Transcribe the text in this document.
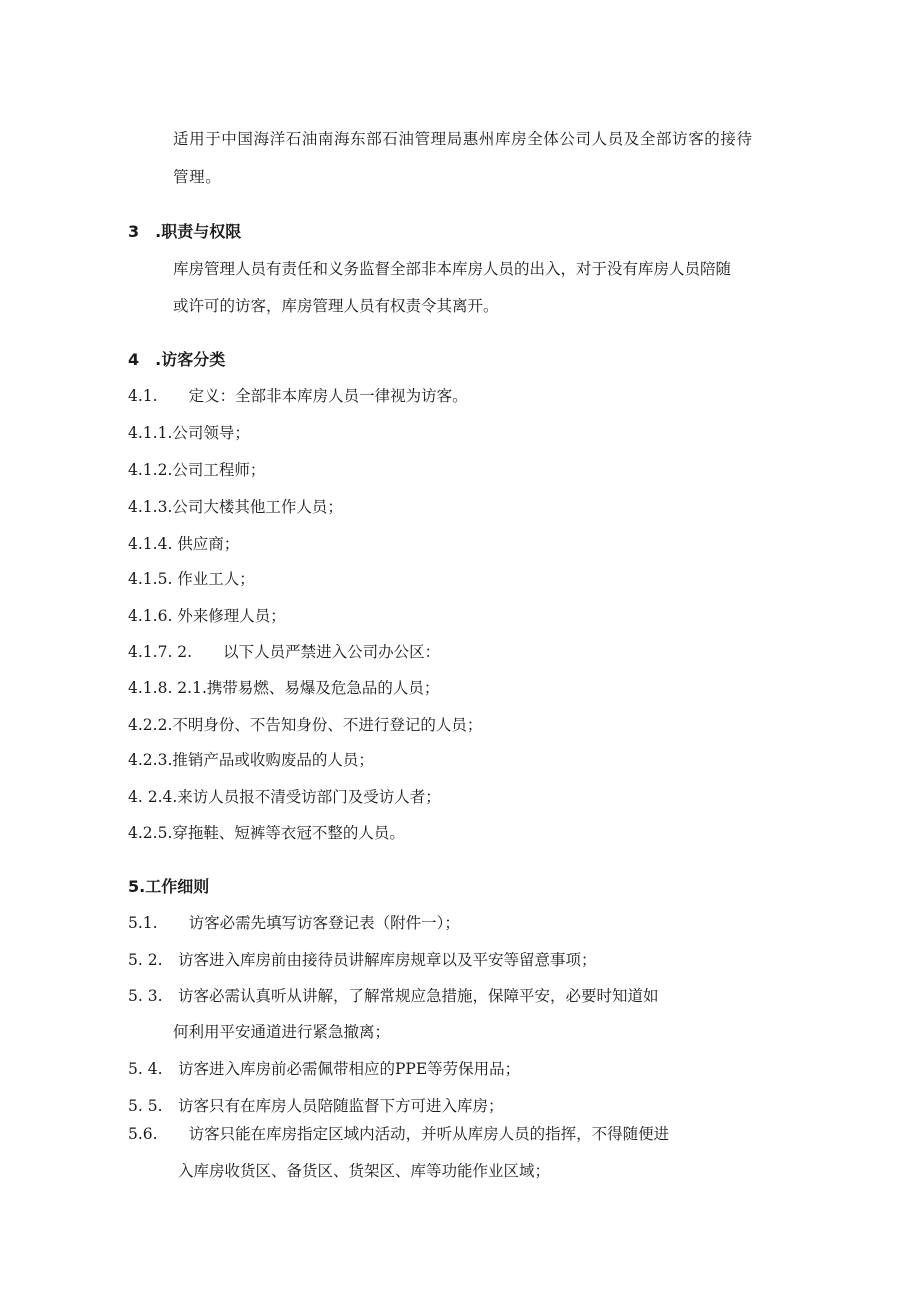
适用于中国海洋石油南海东部石油管理局惠州库房全体公司人员及全部访客的接待
管理。
3　.职责与权限
库房管理人员有责任和义务监督全部非本库房人员的出入，对于没有库房人员陪随
或许可的访客，库房管理人员有权责令其离开。
4　.访客分类
4.1.　　定义：全部非本库房人员一律视为访客。
4.1.1.公司领导；
4.1.2.公司工程师；
4.1.3.公司大楼其他工作人员；
4.1.4. 供应商；
4.1.5. 作业工人；
4.1.6. 外来修理人员；
4.1.7. 2.　　以下人员严禁进入公司办公区：
4.1.8. 2.1.携带易燃、易爆及危急品的人员；
4.2.2.不明身份、不告知身份、不进行登记的人员；
4.2.3.推销产品或收购废品的人员；
4. 2.4.来访人员报不清受访部门及受访人者；
4.2.5.穿拖鞋、短裤等衣冠不整的人员。
5.工作细则
5.1.　　访客必需先填写访客登记表（附件一）；
5. 2.　访客进入库房前由接待员讲解库房规章以及平安等留意事项；
5. 3.　访客必需认真听从讲解，了解常规应急措施，保障平安，必要时知道如
何利用平安通道进行紧急撤离；
5. 4.　访客进入库房前必需佩带相应的PPE等劳保用品；
5. 5.　访客只有在库房人员陪随监督下方可进入库房；
5.6.　　访客只能在库房指定区域内活动，并听从库房人员的指挥，不得随便进
入库房收货区、备货区、货架区、库等功能作业区域；
